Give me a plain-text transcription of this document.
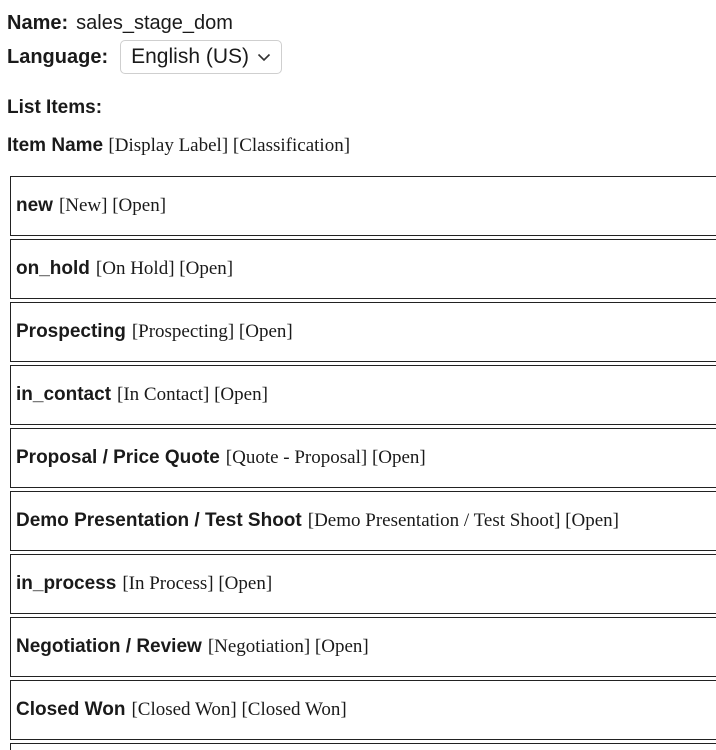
Name: sales_stage_dom
Language: English (US)
List Items:
Item Name [Display Label] [Classification]
new [New] [Open]
on_hold [On Hold] [Open]
Prospecting [Prospecting] [Open]
in_contact [In Contact] [Open]
Proposal / Price Quote [Quote - Proposal] [Open]
Demo Presentation / Test Shoot [Demo Presentation / Test Shoot] [Open]
in_process [In Process] [Open]
Negotiation / Review [Negotiation] [Open]
Closed Won [Closed Won] [Closed Won]
